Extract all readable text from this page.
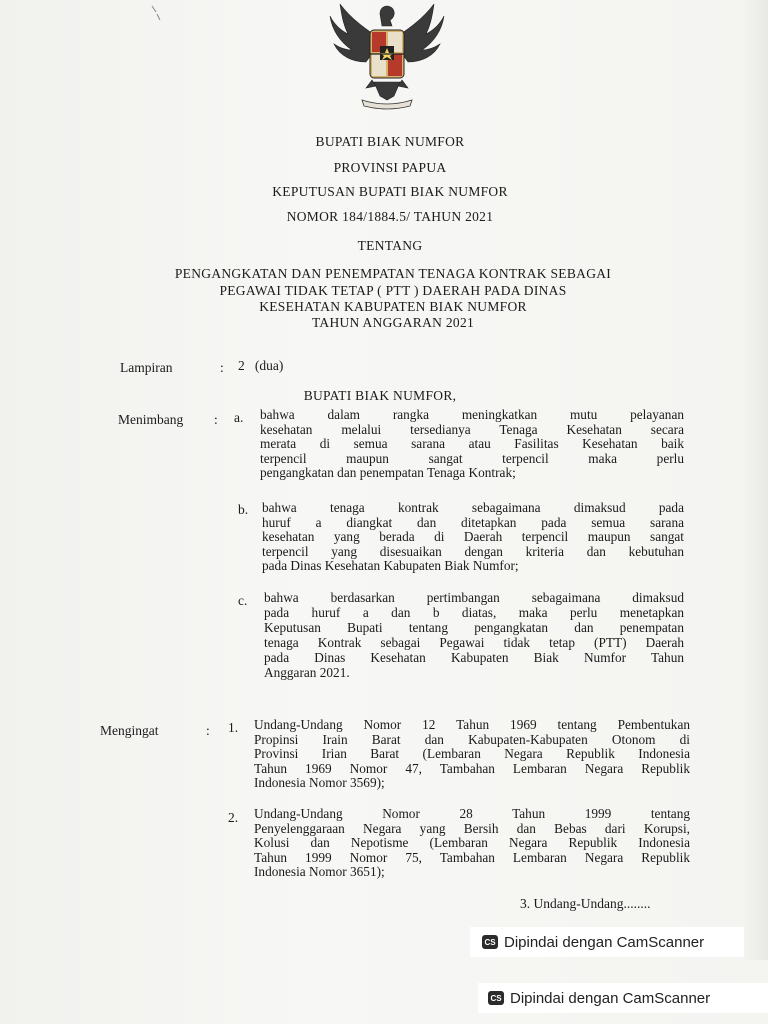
BUPATI BIAK NUMFOR
PROVINSI PAPUA
KEPUTUSAN BUPATI BIAK NUMFOR
NOMOR 184/1884.5/ TAHUN 2021
TENTANG
PENGANGKATAN DAN PENEMPATAN TENAGA KONTRAK SEBAGAI
PEGAWAI TIDAK TETAP ( PTT ) DAERAH PADA DINAS
KESEHATAN KABUPATEN BIAK NUMFOR
TAHUN ANGGARAN 2021
Lampiran	: 2   (dua)
BUPATI BIAK NUMFOR,
Menimbang : a. bahwa dalam rangka meningkatkan mutu pelayanan
kesehatan melalui tersedianya Tenaga Kesehatan secara
merata di semua sarana atau Fasilitas Kesehatan baik
terpencil maupun sangat terpencil maka perlu
pengangkatan dan penempatan Tenaga Kontrak;
b. bahwa tenaga kontrak sebagaimana dimaksud pada
huruf a diangkat dan ditetapkan pada semua sarana
kesehatan yang berada di Daerah terpencil maupun sangat
terpencil yang disesuaikan dengan kriteria dan kebutuhan
pada Dinas Kesehatan Kabupaten Biak Numfor;
c. bahwa berdasarkan pertimbangan sebagaimana dimaksud
pada huruf a dan b diatas, maka perlu menetapkan
Keputusan Bupati tentang pengangkatan dan penempatan
tenaga Kontrak sebagai Pegawai tidak tetap (PTT) Daerah
pada Dinas Kesehatan Kabupaten Biak Numfor Tahun
Anggaran 2021.
Mengingat	: 1. Undang-Undang Nomor 12 Tahun 1969 tentang Pembentukan
Propinsi Irain Barat dan Kabupaten-Kabupaten Otonom di
Provinsi Irian Barat (Lembaran Negara Republik Indonesia
Tahun 1969 Nomor 47, Tambahan Lembaran Negara Republik
Indonesia Nomor 3569);
2. Undang-Undang Nomor 28 Tahun 1999 tentang
Penyelenggaraan Negara yang Bersih dan Bebas dari Korupsi,
Kolusi dan Nepotisme (Lembaran Negara Republik Indonesia
Tahun 1999 Nomor 75, Tambahan Lembaran Negara Republik
Indonesia Nomor 3651);
3. Undang-Undang........
CS Dipindai dengan CamScanner
CS Dipindai dengan CamScanner
